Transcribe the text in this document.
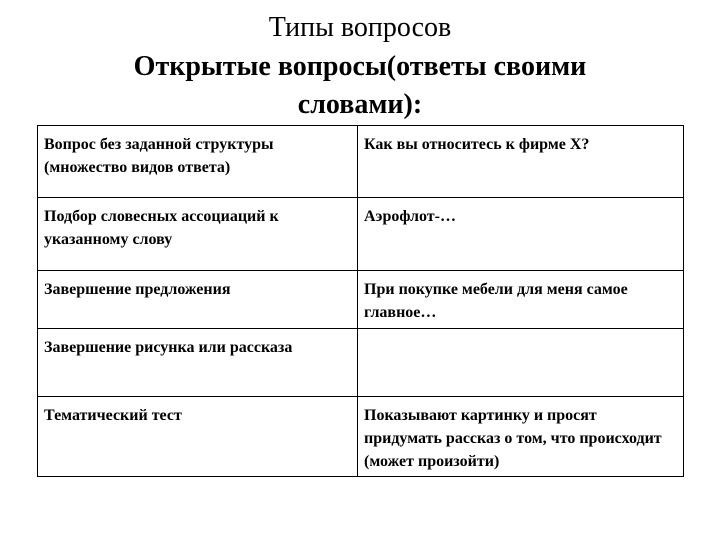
Типы вопросов
Открытые вопросы(ответы своими
словами):
Вопрос без заданной структуры (множество видов ответа)	Как вы относитесь к фирме Х?
Подбор словесных ассоциаций к указанному слову	Аэрофлот-…
Завершение предложения	При покупке мебели для меня самое главное…
Завершение рисунка или рассказа	
Тематический тест	Показывают картинку и просят придумать рассказ о том, что происходит (может произойти)
